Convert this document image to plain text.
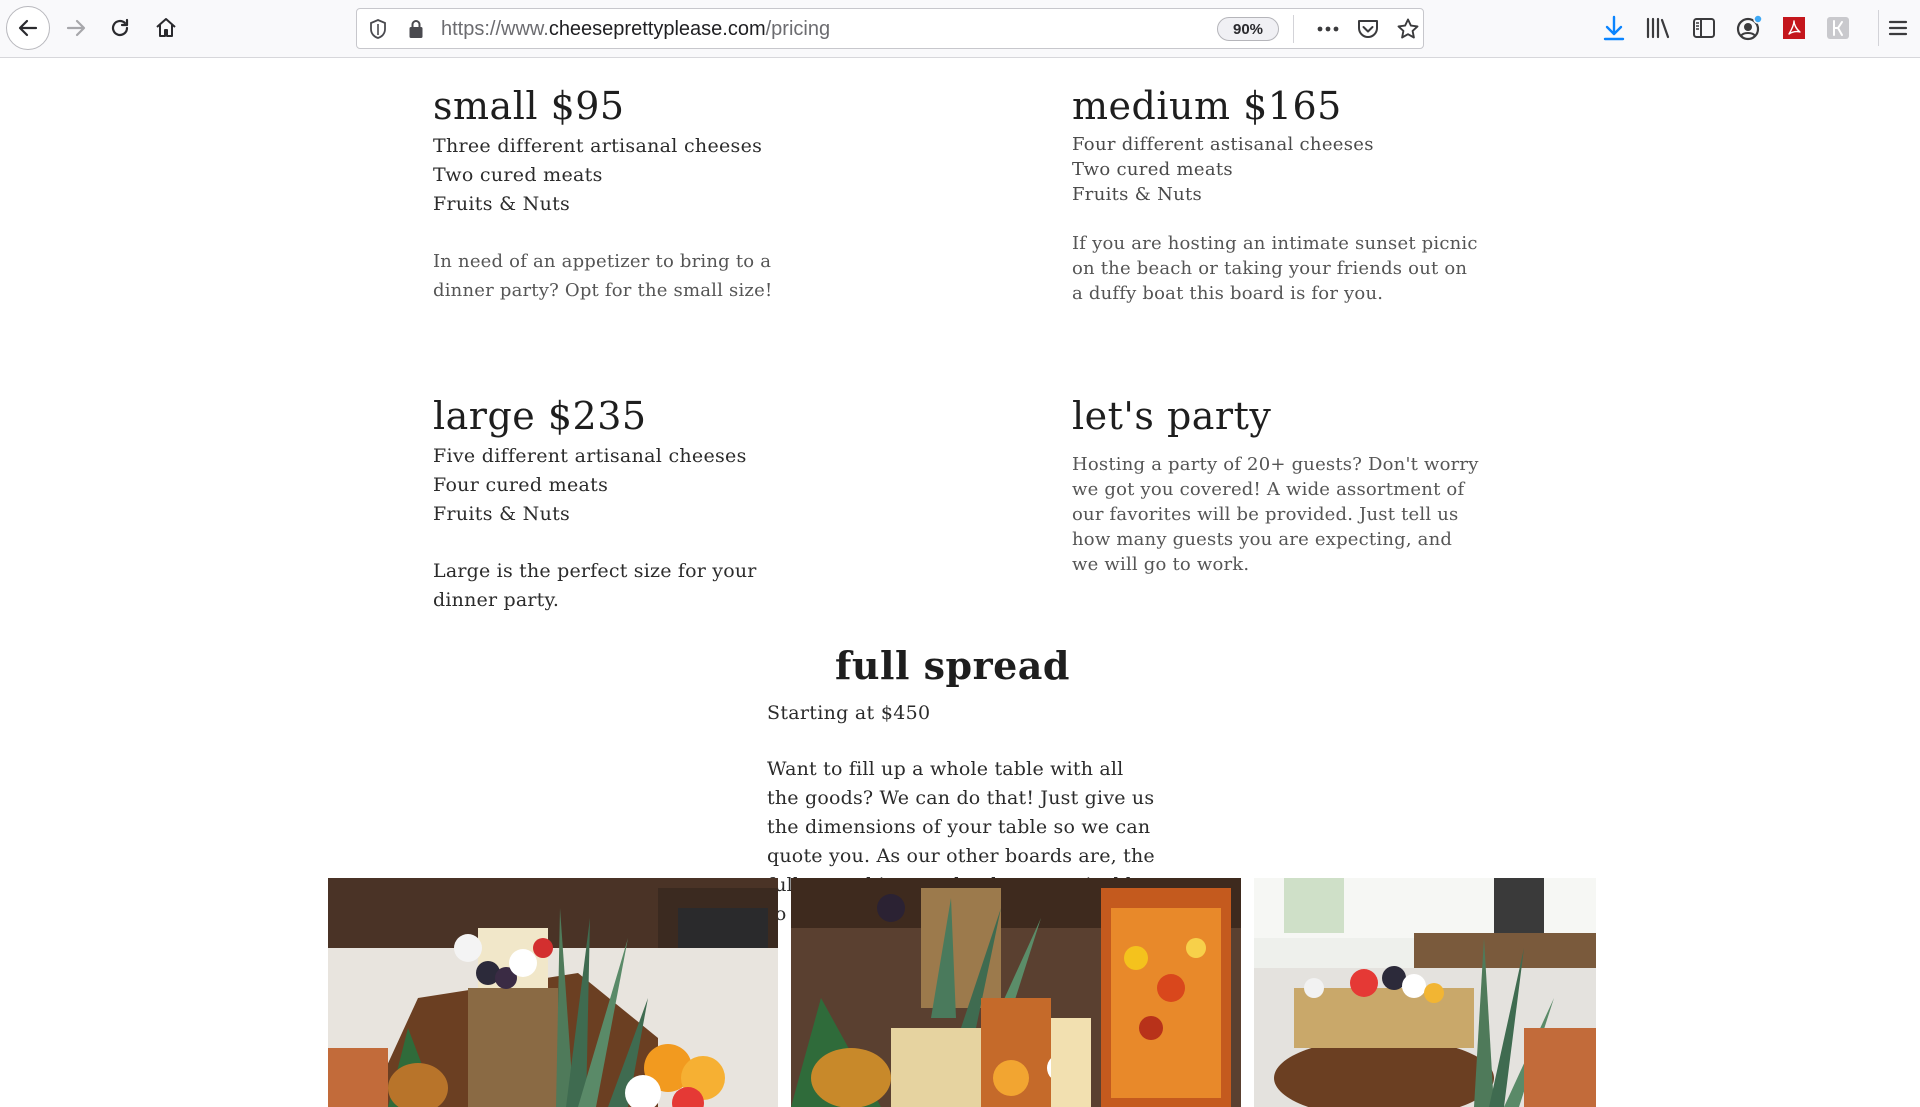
https://www.cheeseprettyplease.com/pricing	90%
small $95
Three different artisanal cheeses
Two cured meats
Fruits & Nuts

In need of an appetizer to bring to a dinner party? Opt for the small size!

medium $165
Four different astisanal cheeses
Two cured meats
Fruits & Nuts

If you are hosting an intimate sunset picnic on the beach or taking your friends out on a duffy boat this board is for you.

large $235
Five different artisanal cheeses
Four cured meats
Fruits & Nuts

Large is the perfect size for your dinner party.

let's party

Hosting a party of 20+ guests? Don't worry we got you covered! A wide assortment of our favorites will be provided. Just tell us how many guests you are expecting, and we will go to work.

full spread
Starting at $450

Want to fill up a whole table with all the goods? We can do that! Just give us the dimensions of your table so we can quote you. As our other boards are, the full
